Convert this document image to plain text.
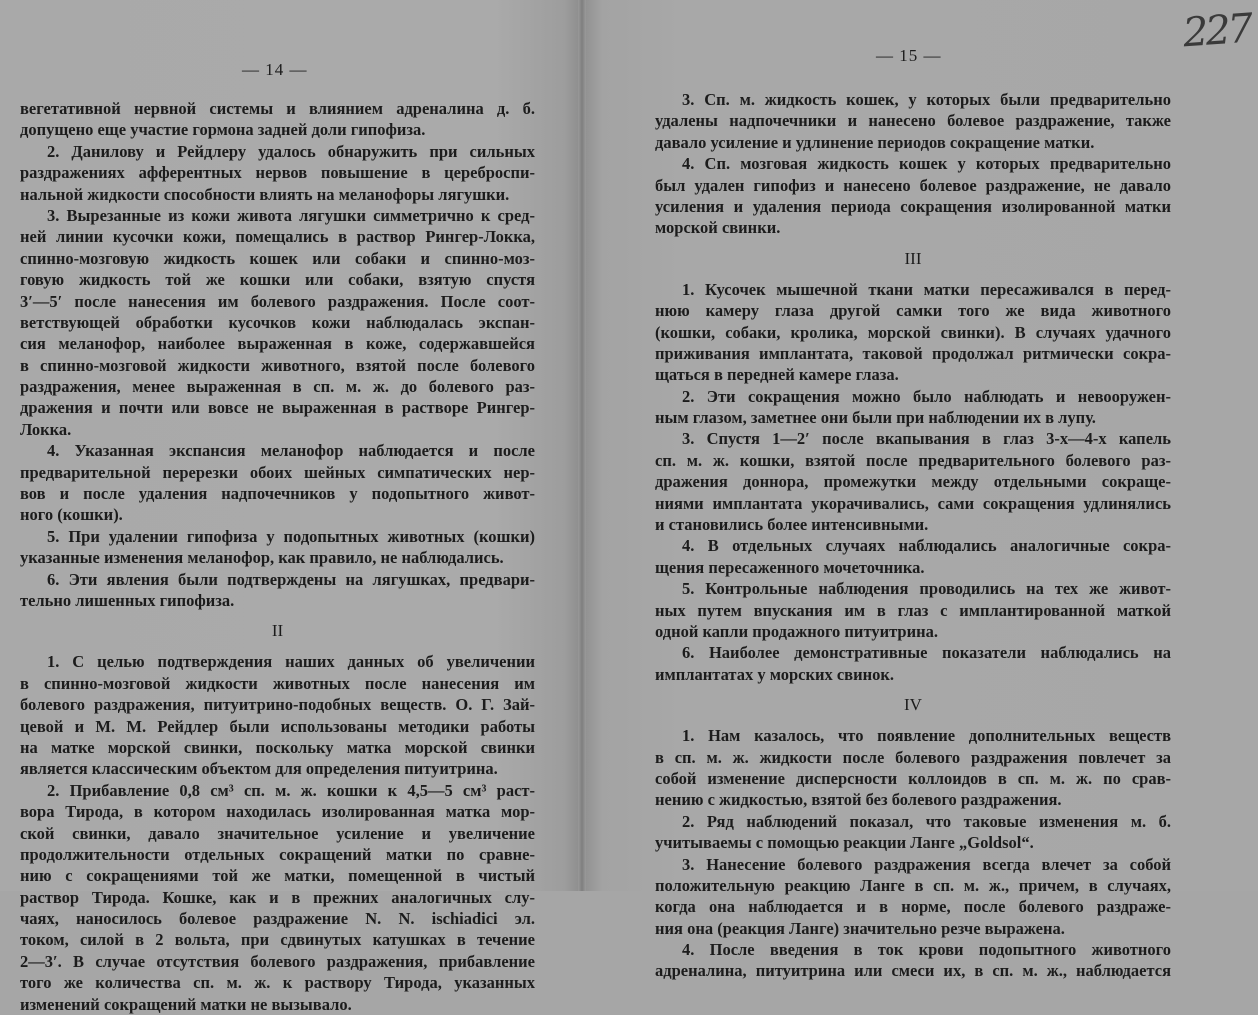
— 14 —
вегетативной нервной системы и влиянием адреналина д. б.
допущено еще участие гормона задней доли гипофиза.
2. Данилову и Рейдлеру удалось обнаружить при сильных
раздражениях афферентных нервов повышение в цереброспи-
нальной жидкости способности влиять на меланофоры лягушки.
3. Вырезанные из кожи живота лягушки симметрично к сред-
ней линии кусочки кожи, помещались в раствор Рингер-Локка,
спинно-мозговую жидкость кошек или собаки и спинно-моз-
говую жидкость той же кошки или собаки, взятую спустя
3′—5′ после нанесения им болевого раздражения. После соот-
ветствующей обработки кусочков кожи наблюдалась экспан-
сия меланофор, наиболее выраженная в коже, содержавшейся
в спинно-мозговой жидкости животного, взятой после болевого
раздражения, менее выраженная в сп. м. ж. до болевого раз-
дражения и почти или вовсе не выраженная в растворе Рингер-
Локка.
4. Указанная экспансия меланофор наблюдается и после
предварительной перерезки обоих шейных симпатических нер-
вов и после удаления надпочечников у подопытного живот-
ного (кошки).
5. При удалении гипофиза у подопытных животных (кошки)
указанные изменения меланофор, как правило, не наблюдались.
6. Эти явления были подтверждены на лягушках, предвари-
тельно лишенных гипофиза.
II
1. С целью подтверждения наших данных об увеличении
в спинно-мозговой жидкости животных после нанесения им
болевого раздражения, питуитрино-подобных веществ. О. Г. Зай-
цевой и М. М. Рейдлер были использованы методики работы
на матке морской свинки, поскольку матка морской свинки
является классическим объектом для определения питуитрина.
2. Прибавление 0,8 см³ сп. м. ж. кошки к 4,5—5 см³ раст-
вора Тирода, в котором находилась изолированная матка мор-
ской свинки, давало значительное усиление и увеличение
продолжительности отдельных сокращений матки по сравне-
нию с сокращениями той же матки, помещенной в чистый
раствор Тирода. Кошке, как и в прежних аналогичных слу-
чаях, наносилось болевое раздражение N. N. ischiadici эл.
током, силой в 2 вольта, при сдвинутых катушках в течение
2—3′. В случае отсутствия болевого раздражения, прибавление
того же количества сп. м. ж. к раствору Тирода, указанных
изменений сокращений матки не вызывало.
— 15 —
3. Сп. м. жидкость кошек, у которых были предварительно
удалены надпочечники и нанесено болевое раздражение, также
давало усиление и удлинение периодов сокращение матки.
4. Сп. мозговая жидкость кошек у которых предварительно
был удален гипофиз и нанесено болевое раздражение, не давало
усиления и удаления периода сокращения изолированной матки
морской свинки.
III
1. Кусочек мышечной ткани матки пересаживался в перед-
нюю камеру глаза другой самки того же вида животного
(кошки, собаки, кролика, морской свинки). В случаях удачного
приживания имплантата, таковой продолжал ритмически сокра-
щаться в передней камере глаза.
2. Эти сокращения можно было наблюдать и невооружен-
ным глазом, заметнее они были при наблюдении их в лупу.
3. Спустя 1—2′ после вкапывания в глаз 3-х—4-х капель
сп. м. ж. кошки, взятой после предварительного болевого раз-
дражения доннора, промежутки между отдельными сокраще-
ниями имплантата укорачивались, сами сокращения удлинялись
и становились более интенсивными.
4. В отдельных случаях наблюдались аналогичные сокра-
щения пересаженного мочеточника.
5. Контрольные наблюдения проводились на тех же живот-
ных путем впускания им в глаз с имплантированной маткой
одной капли продажного питуитрина.
6. Наиболее демонстративные показатели наблюдались на
имплантатах у морских свинок.
IV
1. Нам казалось, что появление дополнительных веществ
в сп. м. ж. жидкости после болевого раздражения повлечет за
собой изменение дисперсности коллоидов в сп. м. ж. по срав-
нению с жидкостью, взятой без болевого раздражения.
2. Ряд наблюдений показал, что таковые изменения м. б.
учитываемы с помощью реакции Ланге „Goldsol“.
3. Нанесение болевого раздражения всегда влечет за собой
положительную реакцию Ланге в сп. м. ж., причем, в случаях,
когда она наблюдается и в норме, после болевого раздраже-
ния она (реакция Ланге) значительно резче выражена.
4. После введения в ток крови подопытного животного
адреналина, питуитрина или смеси их, в сп. м. ж., наблюдается
227
